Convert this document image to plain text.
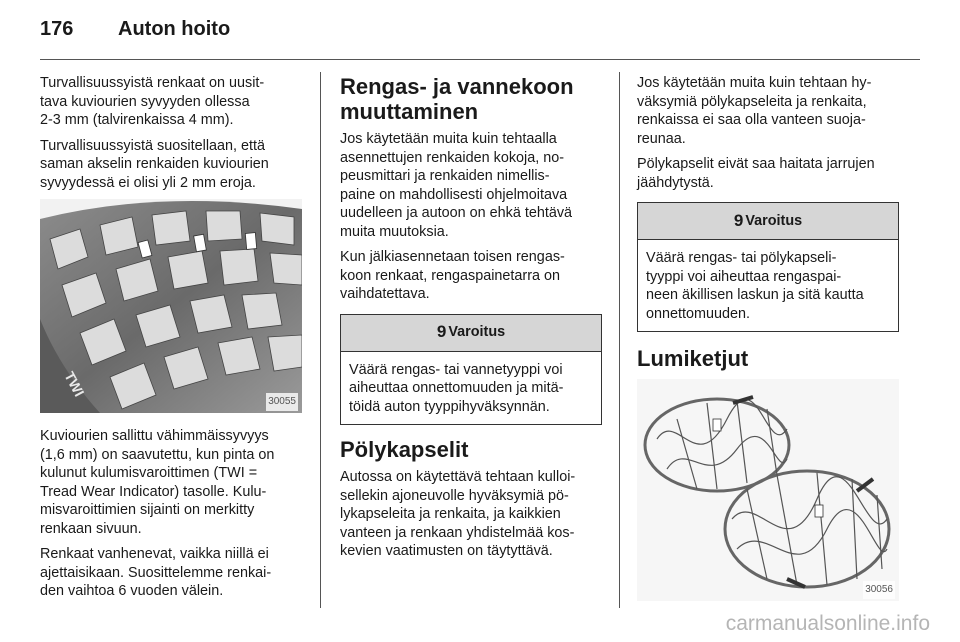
176 Auton hoito

Turvallisuussyistä renkaat on uusit-
tava kuviourien syvyyden ollessa
2-3 mm (talvirenkaissa 4 mm).

Turvallisuussyistä suositellaan, että
saman akselin renkaiden kuviourien
syvyydessä ei olisi yli 2 mm eroja.

TWI
30055

Kuviourien sallittu vähimmäissyvyys
(1,6 mm) on saavutettu, kun pinta on
kulunut kulumisvaroittimen (TWI =
Tread Wear Indicator) tasolle. Kulu-
misvaroittimien sijainti on merkitty
renkaan sivuun.

Renkaat vanhenevat, vaikka niillä ei
ajettaisikaan. Suosittelemme renkai-
den vaihtoa 6 vuoden välein.

Rengas- ja vannekoon
muuttaminen

Jos käytetään muita kuin tehtaalla
asennettujen renkaiden kokoja, no-
peusmittari ja renkaiden nimellis-
paine on mahdollisesti ohjelmoitava
uudelleen ja autoon on ehkä tehtävä
muita muutoksia.

Kun jälkiasennetaan toisen rengas-
koon renkaat, rengaspainetarra on
vaihdatettava.

9 Varoitus
Väärä rengas- tai vannetyyppi voi
aiheuttaa onnettomuuden ja mitä-
töidä auton tyyppihyväksynnän.
Pölykapselit

Autossa on käytettävä tehtaan kulloi-
sellekin ajoneuvolle hyväksymiä pö-
lykapseleita ja renkaita, ja kaikkien
vanteen ja renkaan yhdistelmää kos-
kevien vaatimusten on täytyttävä.

Jos käytetään muita kuin tehtaan hy-
väksymiä pölykapseleita ja renkaita,
renkaissa ei saa olla vanteen suoja-
reunaa.

Pölykapselit eivät saa haitata jarrujen
jäähdytystä.

9 Varoitus
Väärä rengas- tai pölykapseli-
tyyppi voi aiheuttaa rengaspai-
neen äkillisen laskun ja sitä kautta
onnettomuuden.
Lumiketjut
30056
carmanualsonline.info
